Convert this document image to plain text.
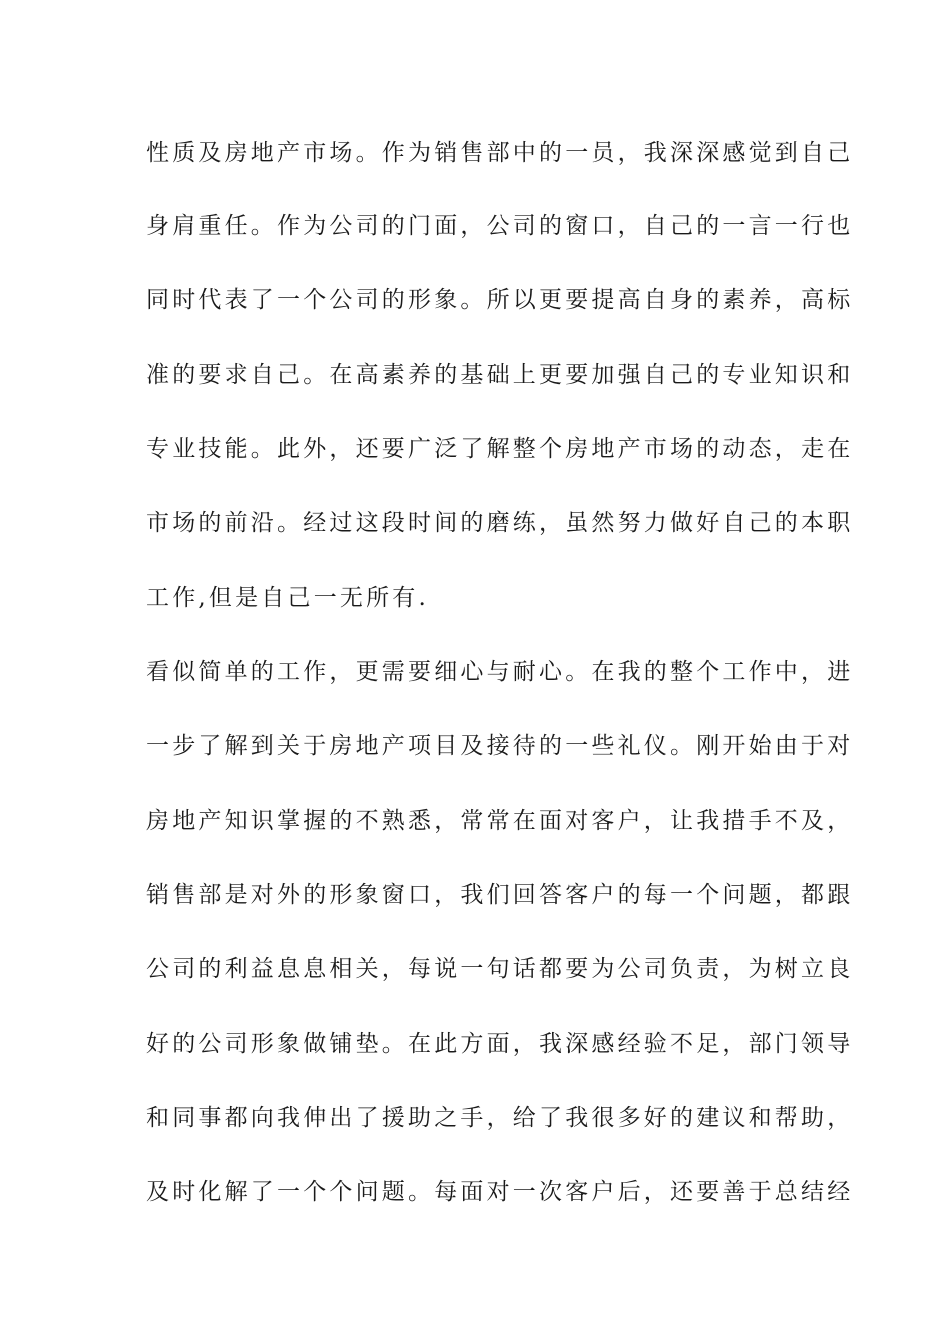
性质及房地产市场。作为销售部中的一员，我深深感觉到自己
身肩重任。作为公司的门面，公司的窗口，自己的一言一行也
同时代表了一个公司的形象。所以更要提高自身的素养，高标
准的要求自己。在高素养的基础上更要加强自己的专业知识和
专业技能。此外，还要广泛了解整个房地产市场的动态，走在
市场的前沿。经过这段时间的磨练，虽然努力做好自己的本职
工作,但是自己一无所有.
看似简单的工作，更需要细心与耐心。在我的整个工作中，进
一步了解到关于房地产项目及接待的一些礼仪。刚开始由于对
房地产知识掌握的不熟悉，常常在面对客户，让我措手不及，
销售部是对外的形象窗口，我们回答客户的每一个问题，都跟
公司的利益息息相关，每说一句话都要为公司负责，为树立良
好的公司形象做铺垫。在此方面，我深感经验不足，部门领导
和同事都向我伸出了援助之手，给了我很多好的建议和帮助，
及时化解了一个个问题。每面对一次客户后，还要善于总结经
